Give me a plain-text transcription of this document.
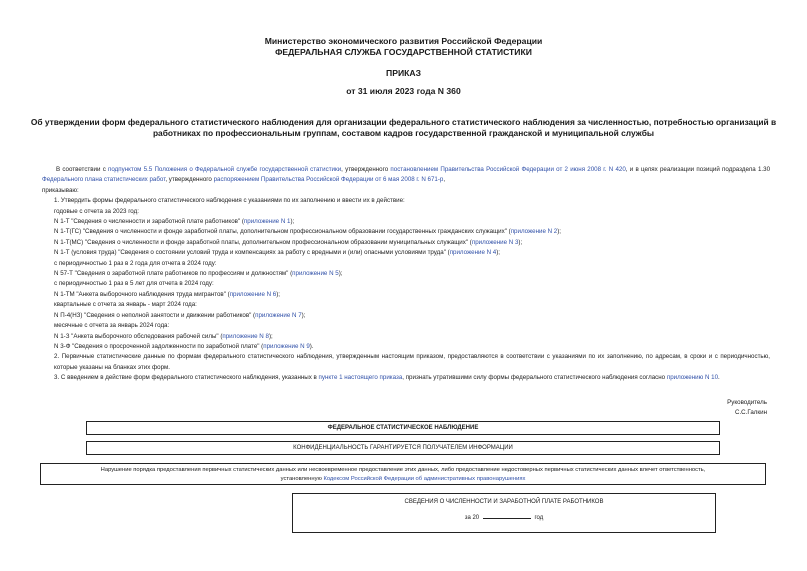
Министерство экономического развития Российской Федерации
ФЕДЕРАЛЬНАЯ СЛУЖБА ГОСУДАРСТВЕННОЙ СТАТИСТИКИ
ПРИКАЗ
от 31 июля 2023 года N 360
Об утверждении форм федерального статистического наблюдения для организации федерального статистического наблюдения за численностью, потребностью организаций в работниках по профессиональным группам, составом кадров государственной гражданской и муниципальной службы

В соответствии с подпунктом 5.5 Положения о Федеральной службе государственной статистики, утвержденного постановлением Правительства Российской Федерации от 2 июня 2008 г. N 420, и в целях реализации позиций подраздела 1.30 Федерального плана статистических работ, утвержденного распоряжением Правительства Российской Федерации от 6 мая 2008 г. N 671-р,

приказываю:

1. Утвердить формы федерального статистического наблюдения с указаниями по их заполнению и ввести их в действие:

годовые с отчета за 2023 год:

N 1-Т "Сведения о численности и заработной плате работников" (приложение N 1);

N 1-Т(ГС) "Сведения о численности и фонде заработной платы, дополнительном профессиональном образовании государственных гражданских служащих" (приложение N 2);

N 1-Т(МС) "Сведения о численности и фонде заработной платы, дополнительном профессиональном образовании муниципальных служащих" (приложение N 3);

N 1-Т (условия труда) "Сведения о состоянии условий труда и компенсациях за работу с вредными и (или) опасными условиями труда" (приложение N 4);

с периодичностью 1 раз в 2 года для отчета в 2024 году:

N 57-Т "Сведения о заработной плате работников по профессиям и должностям" (приложение N 5);

с периодичностью 1 раз в 5 лет для отчета в 2024 году:

N 1-ТМ "Анкета выборочного наблюдения труда мигрантов" (приложение N 6);

квартальные с отчета за январь - март 2024 года:

N П-4(НЗ) "Сведения о неполной занятости и движении работников" (приложение N 7);

месячные с отчета за январь 2024 года:

N 1-З "Анкета выборочного обследования рабочей силы" (приложение N 8);

N 3-Ф "Сведения о просроченной задолженности по заработной плате" (приложение N 9).

2. Первичные статистические данные по формам федерального статистического наблюдения, утвержденным настоящим приказом, предоставляются в соответствии с указаниями по их заполнению, по адресам, в сроки и с периодичностью, которые указаны на бланках этих форм.

3. С введением в действие форм федерального статистического наблюдения, указанных в пункте 1 настоящего приказа, признать утратившими силу формы федерального статистического наблюдения согласно приложению N 10.

Руководитель
С.С.Галкин
ФЕДЕРАЛЬНОЕ СТАТИСТИЧЕСКОЕ НАБЛЮДЕНИЕ
КОНФИДЕНЦИАЛЬНОСТЬ ГАРАНТИРУЕТСЯ ПОЛУЧАТЕЛЕМ ИНФОРМАЦИИ
Нарушение порядка предоставления первичных статистических данных или несвоевременное предоставление этих данных, либо предоставление недостоверных первичных статистических данных влечет ответственность,
установленную Кодексом Российской Федерации об административных правонарушениях
СВЕДЕНИЯ О ЧИСЛЕННОСТИ И ЗАРАБОТНОЙ ПЛАТЕ РАБОТНИКОВ
за 20	год
